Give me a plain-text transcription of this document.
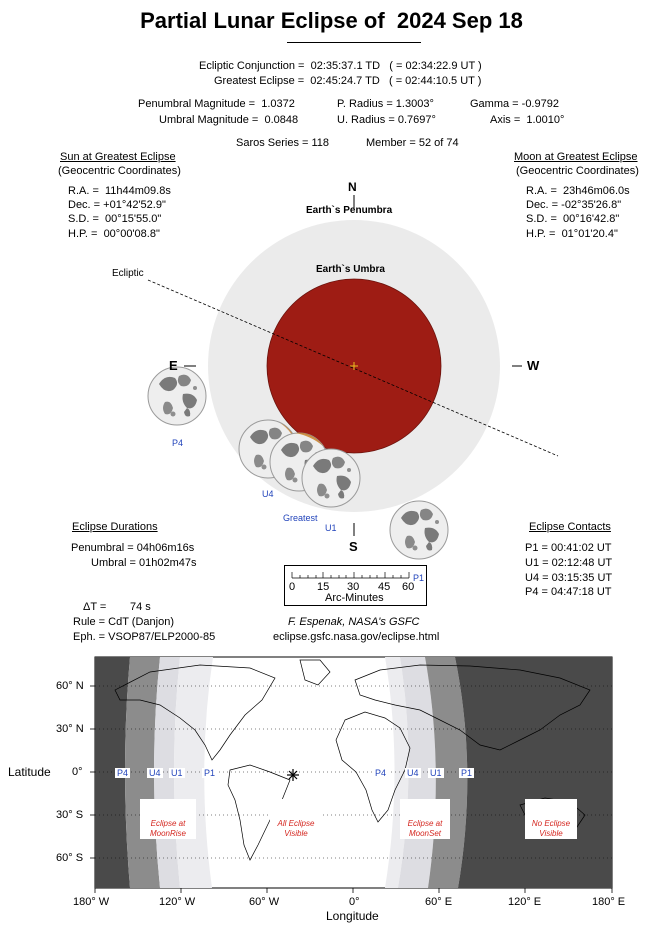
Partial Lunar Eclipse of  2024 Sep 18
Ecliptic Conjunction =  02:35:37.1 TD   ( = 02:34:22.9 UT )
Greatest Eclipse =  02:45:24.7 TD   ( = 02:44:10.5 UT )
Penumbral Magnitude =  1.0372	P. Radius = 1.3003°	Gamma = -0.9792
Umbral Magnitude =  0.0848	U. Radius = 0.7697°	Axis =  1.0010°
Saros Series = 118	Member = 52 of 74
Sun at Greatest Eclipse
(Geocentric Coordinates)
R.A. =  11h44m09.8s
Dec. = +01°42'52.9"
S.D. =  00°15'55.0"
H.P. =  00°00'08.8"
Moon at Greatest Eclipse
(Geocentric Coordinates)
R.A. =  23h46m06.0s
Dec. = -02°35'26.8"
S.D. =  00°16'42.8"
H.P. =  01°01'20.4"
N
S
E	W
Earth`s Penumbra
Earth`s Umbra
Ecliptic
P4
U4
Greatest
U1
P1
Eclipse Durations
Penumbral = 04h06m16s
Umbral = 01h02m47s
Eclipse Contacts
P1 = 00:41:02 UT
U1 = 02:12:48 UT
U4 = 03:15:35 UT
P4 = 04:47:18 UT
0 15 30 45 60
Arc-Minutes
ΔT = 74 s
Rule = CdT (Danjon)
Eph. = VSOP87/ELP2000-85
F. Espenak, NASA's GSFC
eclipse.gsfc.nasa.gov/eclipse.html
P4 U4 U1 P1	P4 U4 U1 P1

Eclipse at
MoonRise

All Eclipse
Visible

Eclipse at
MoonSet

No Eclipse
Visible
60° N
30° N
0°
30° S
60° S
Latitude
180° W	120° W	60° W	0°	60° E	120° E	180° E
Longitude
